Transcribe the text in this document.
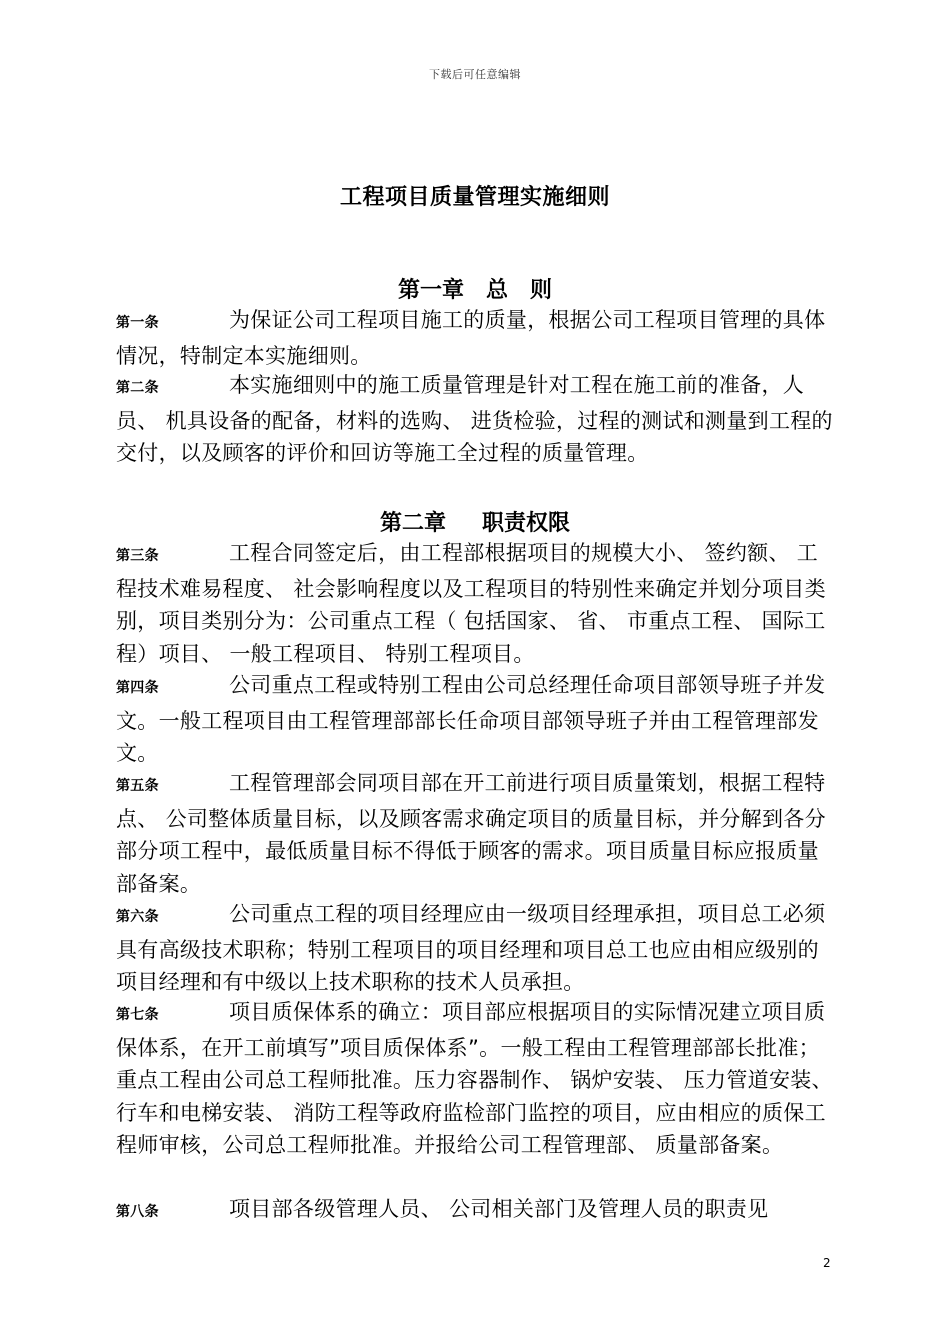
下载后可任意编辑
工程项目质量管理实施细则
第一章 总　则
第一条	为保证公司工程项目施工的质量，根据公司工程项目管理的具体情况，特制定本实施细则。
第二条	本实施细则中的施工质量管理是针对工程在施工前的准备，人员、 机具设备的配备，材料的选购、 进货检验，过程的测试和测量到工程的交付，以及顾客的评价和回访等施工全过程的质量管理。
第二章 职责权限
第三条	工程合同签定后，由工程部根据项目的规模大小、 签约额、 工程技术难易程度、 社会影响程度以及工程项目的特别性来确定并划分项目类别，项目类别分为：公司重点工程（ 包括国家、 省、 市重点工程、 国际工程）项目、 一般工程项目、 特别工程项目。
第四条	公司重点工程或特别工程由公司总经理任命项目部领导班子并发文。一般工程项目由工程管理部部长任命项目部领导班子并由工程管理部发文。
第五条	工程管理部会同项目部在开工前进行项目质量策划，根据工程特点、 公司整体质量目标，以及顾客需求确定项目的质量目标，并分解到各分部分项工程中，最低质量目标不得低于顾客的需求。项目质量目标应报质量部备案。
第六条	公司重点工程的项目经理应由一级项目经理承担，项目总工必须具有高级技术职称；特别工程项目的项目经理和项目总工也应由相应级别的项目经理和有中级以上技术职称的技术人员承担。
第七条	项目质保体系的确立：项目部应根据项目的实际情况建立项目质保体系，在开工前填写”项目质保体系”。一般工程由工程管理部部长批准；重点工程由公司总工程师批准。压力容器制作、 锅炉安装、 压力管道安装、 行车和电梯安装、 消防工程等政府监检部门监控的项目，应由相应的质保工程师审核，公司总工程师批准。并报给公司工程管理部、 质量部备案。
第八条	项目部各级管理人员、 公司相关部门及管理人员的职责见
2
